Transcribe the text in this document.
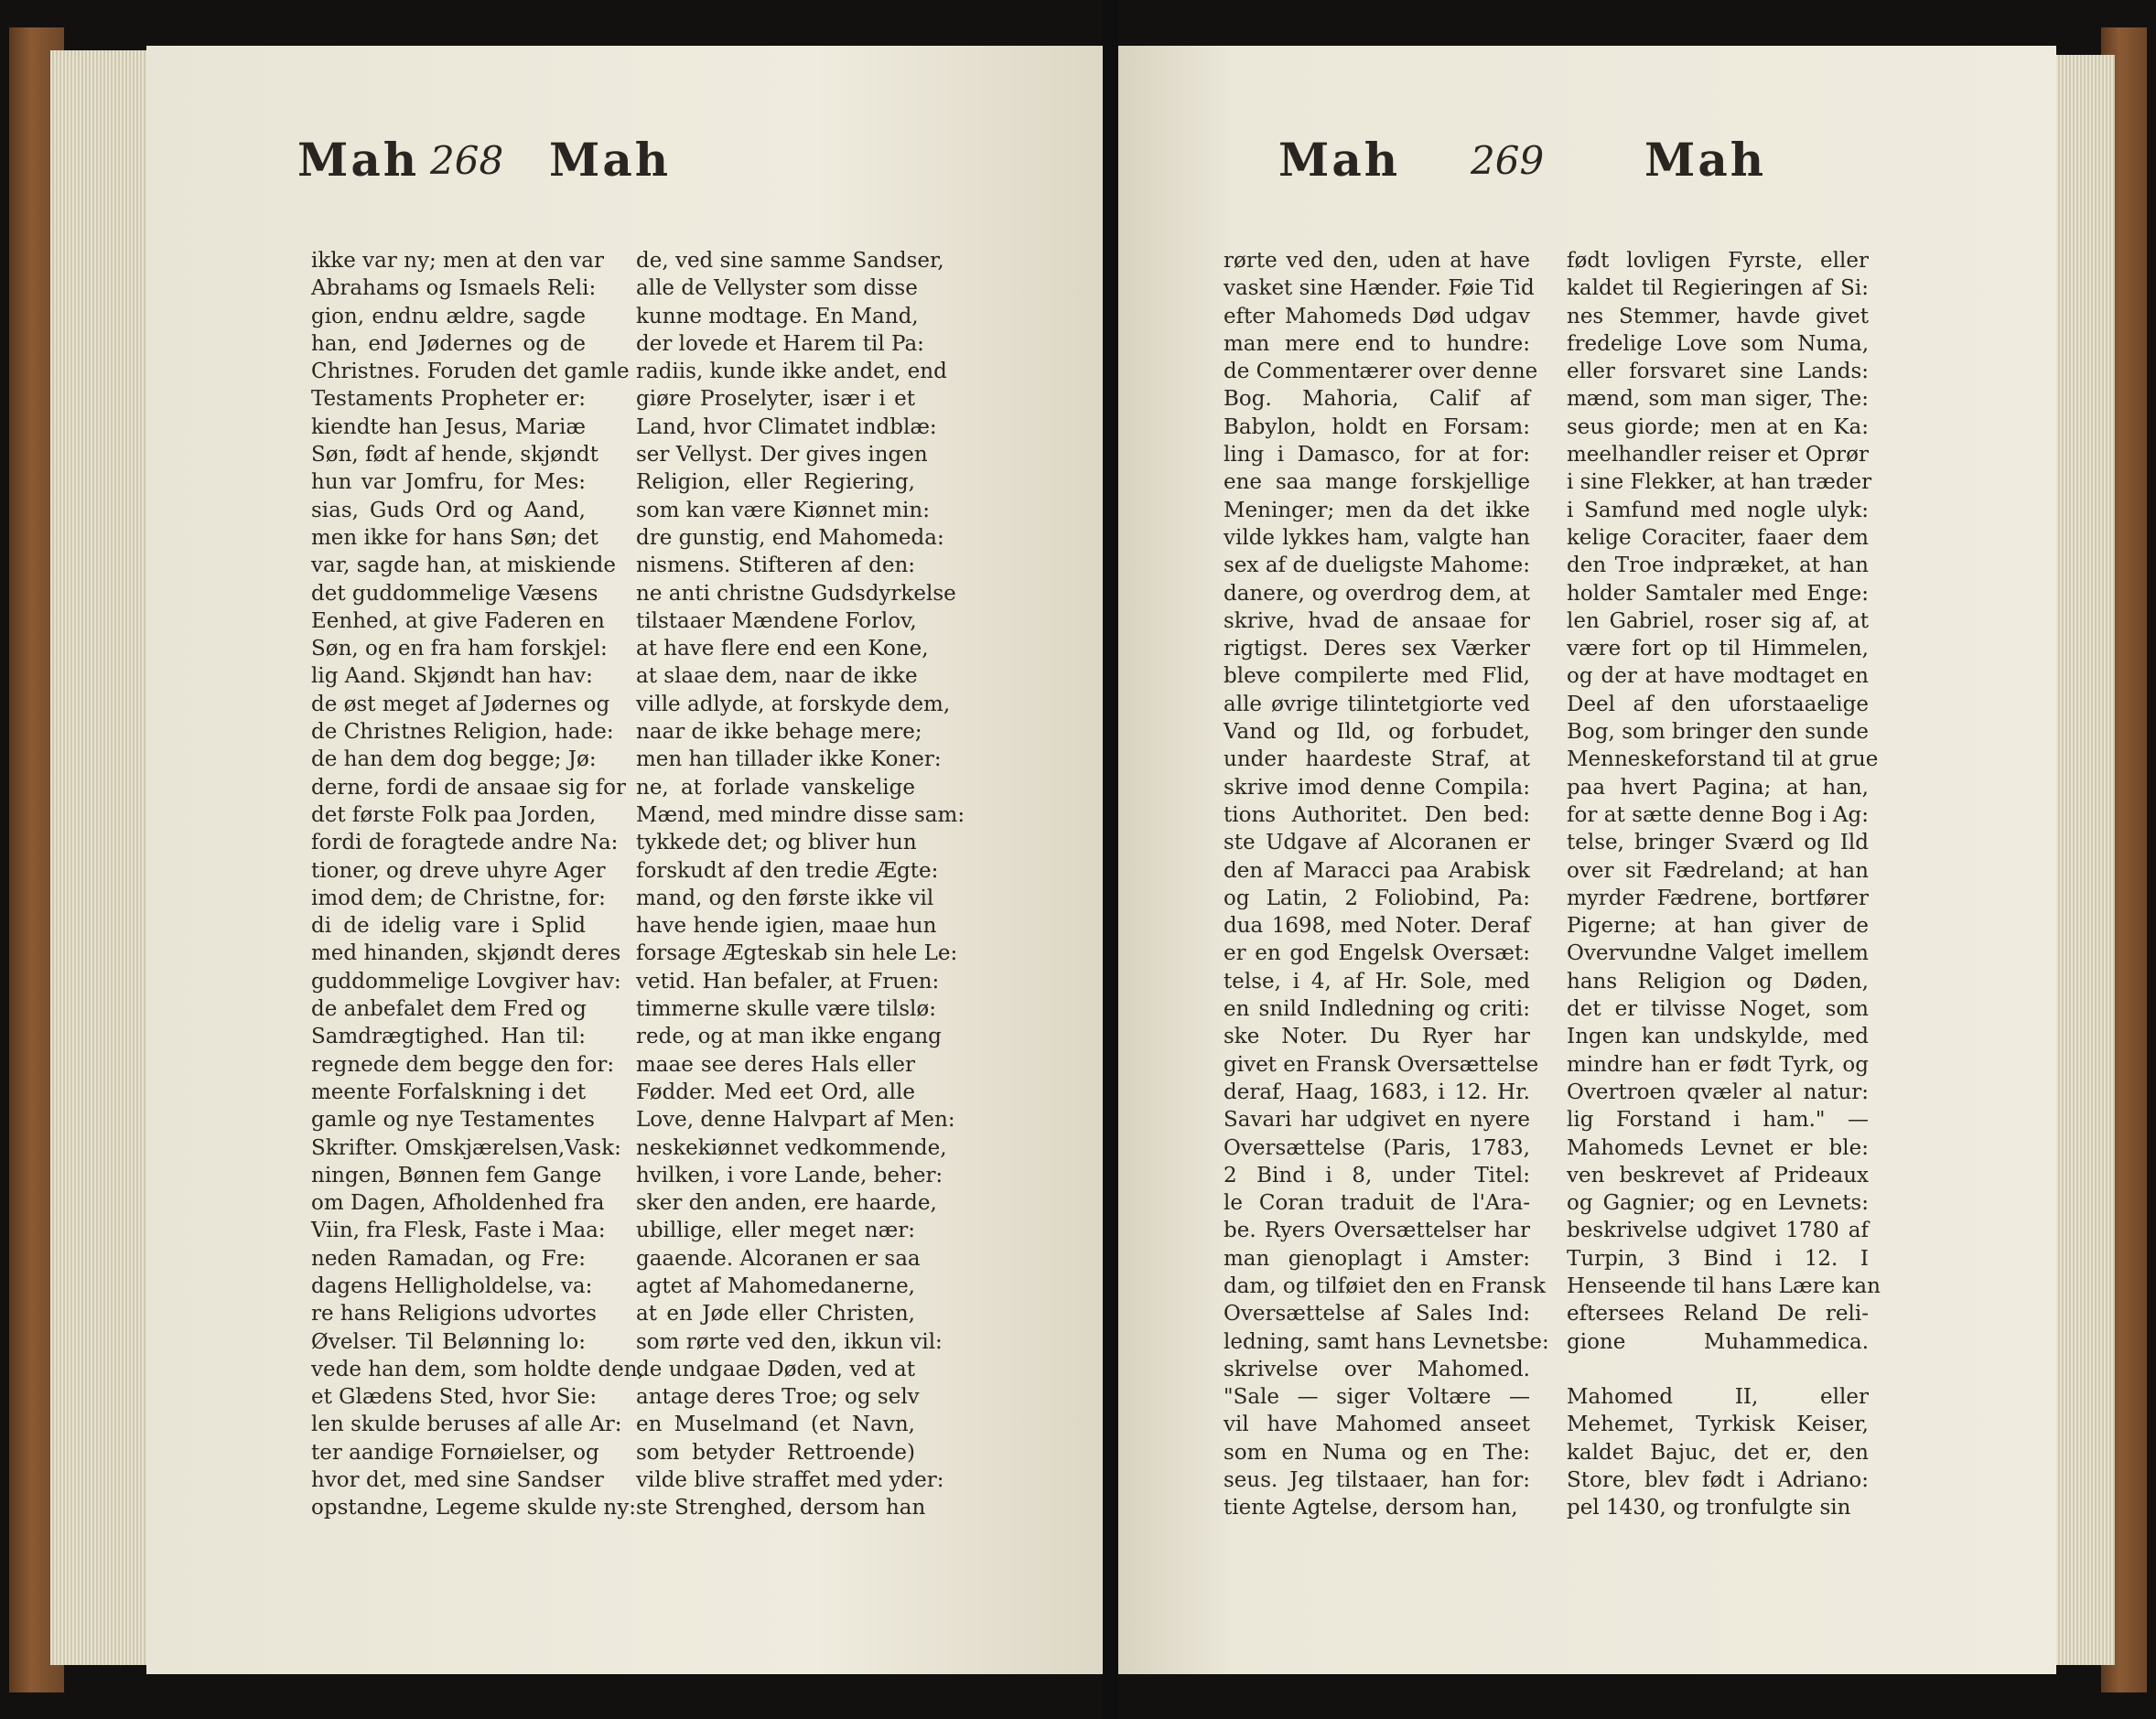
Mah 268 Mah
ikke var ny; men at den var
Abrahams og Ismaels Reli:
gion, endnu ældre, sagde
han, end Jødernes og de
Christnes. Foruden det gamle
Testaments Propheter er:
kiendte han Jesus, Mariæ
Søn, født af hende, skjøndt
hun var Jomfru, for Mes:
sias, Guds Ord og Aand,
men ikke for hans Søn; det
var, sagde han, at miskiende
det guddommelige Væsens
Eenhed, at give Faderen en
Søn, og en fra ham forskjel:
lig Aand. Skjøndt han hav:
de øst meget af Jødernes og
de Christnes Religion, hade:
de han dem dog begge; Jø:
derne, fordi de ansaae sig for
det første Folk paa Jorden,
fordi de foragtede andre Na:
tioner, og dreve uhyre Ager
imod dem; de Christne, for:
di de idelig vare i Splid
med hinanden, skjøndt deres
guddommelige Lovgiver hav:
de anbefalet dem Fred og
Samdrægtighed. Han til:
regnede dem begge den for:
meente Forfalskning i det
gamle og nye Testamentes
Skrifter. Omskjærelsen,Vask:
ningen, Bønnen fem Gange
om Dagen, Afholdenhed fra
Viin, fra Flesk, Faste i Maa:
neden Ramadan, og Fre:
dagens Helligholdelse, va:
re hans Religions udvortes
Øvelser. Til Belønning lo:
vede han dem, som holdte den,
et Glædens Sted, hvor Sie:
len skulde beruses af alle Ar:
ter aandige Fornøielser, og
hvor det, med sine Sandser
opstandne, Legeme skulde ny:
de, ved sine samme Sandser,
alle de Vellyster som disse
kunne modtage. En Mand,
der lovede et Harem til Pa:
radiis, kunde ikke andet, end
giøre Proselyter, især i et
Land, hvor Climatet indblæ:
ser Vellyst. Der gives ingen
Religion, eller Regiering,
som kan være Kiønnet min:
dre gunstig, end Mahomeda:
nismens. Stifteren af den:
ne anti christne Gudsdyrkelse
tilstaaer Mændene Forlov,
at have flere end een Kone,
at slaae dem, naar de ikke
ville adlyde, at forskyde dem,
naar de ikke behage mere;
men han tillader ikke Koner:
ne, at forlade vanskelige
Mænd, med mindre disse sam:
tykkede det; og bliver hun
forskudt af den tredie Ægte:
mand, og den første ikke vil
have hende igien, maae hun
forsage Ægteskab sin hele Le:
vetid. Han befaler, at Fruen:
timmerne skulle være tilslø:
rede, og at man ikke engang
maae see deres Hals eller
Fødder. Med eet Ord, alle
Love, denne Halvpart af Men:
neskekiønnet vedkommende,
hvilken, i vore Lande, beher:
sker den anden, ere haarde,
ubillige, eller meget nær:
gaaende. Alcoranen er saa
agtet af Mahomedanerne,
at en Jøde eller Christen,
som rørte ved den, ikkun vil:
de undgaae Døden, ved at
antage deres Troe; og selv
en Muselmand (et Navn,
som betyder Rettroende)
vilde blive straffet med yder:
ste Strenghed, dersom han
Mah 269 Mah
rørte ved den, uden at have
vasket sine Hænder. Føie Tid
efter Mahomeds Død udgav
man mere end to hundre:
de Commentærer over denne
Bog. Mahoria, Calif af
Babylon, holdt en Forsam:
ling i Damasco, for at for:
ene saa mange forskjellige
Meninger; men da det ikke
vilde lykkes ham, valgte han
sex af de dueligste Mahome:
danere, og overdrog dem, at
skrive, hvad de ansaae for
rigtigst. Deres sex Værker
bleve compilerte med Flid,
alle øvrige tilintetgiorte ved
Vand og Ild, og forbudet,
under haardeste Straf, at
skrive imod denne Compila:
tions Authoritet. Den bed:
ste Udgave af Alcoranen er
den af Maracci paa Arabisk
og Latin, 2 Foliobind, Pa:
dua 1698, med Noter. Deraf
er en god Engelsk Oversæt:
telse, i 4, af Hr. Sole, med
en snild Indledning og criti:
ske Noter. Du Ryer har
givet en Fransk Oversættelse
deraf, Haag, 1683, i 12. Hr.
Savari har udgivet en nyere
Oversættelse (Paris, 1783,
2 Bind i 8, under Titel:
le Coran traduit de l'Ara-
be. Ryers Oversættelser har
man gienoplagt i Amster:
dam, og tilføiet den en Fransk
Oversættelse af Sales Ind:
ledning, samt hans Levnetsbe:
skrivelse over Mahomed.
"Sale — siger Voltære —
vil have Mahomed anseet
som en Numa og en The:
seus. Jeg tilstaaer, han for:
tiente Agtelse, dersom han,
født lovligen Fyrste, eller
kaldet til Regieringen af Si:
nes Stemmer, havde givet
fredelige Love som Numa,
eller forsvaret sine Lands:
mænd, som man siger, The:
seus giorde; men at en Ka:
meelhandler reiser et Oprør
i sine Flekker, at han træder
i Samfund med nogle ulyk:
kelige Coraciter, faaer dem
den Troe indpræket, at han
holder Samtaler med Enge:
len Gabriel, roser sig af, at
være fort op til Himmelen,
og der at have modtaget en
Deel af den uforstaaelige
Bog, som bringer den sunde
Menneskeforstand til at grue
paa hvert Pagina; at han,
for at sætte denne Bog i Ag:
telse, bringer Sværd og Ild
over sit Fædreland; at han
myrder Fædrene, bortfører
Pigerne; at han giver de
Overvundne Valget imellem
hans Religion og Døden,
det er tilvisse Noget, som
Ingen kan undskylde, med
mindre han er født Tyrk, og
Overtroen qvæler al natur:
lig Forstand i ham." —
Mahomeds Levnet er ble:
ven beskrevet af Prideaux
og Gagnier; og en Levnets:
beskrivelse udgivet 1780 af
Turpin, 3 Bind i 12. I
Henseende til hans Lære kan
eftersees Reland De reli-
gione Muhammedica.
Mahomed II, eller
Mehemet, Tyrkisk Keiser,
kaldet Bajuc, det er, den
Store, blev født i Adriano:
pel 1430, og tronfulgte sin
